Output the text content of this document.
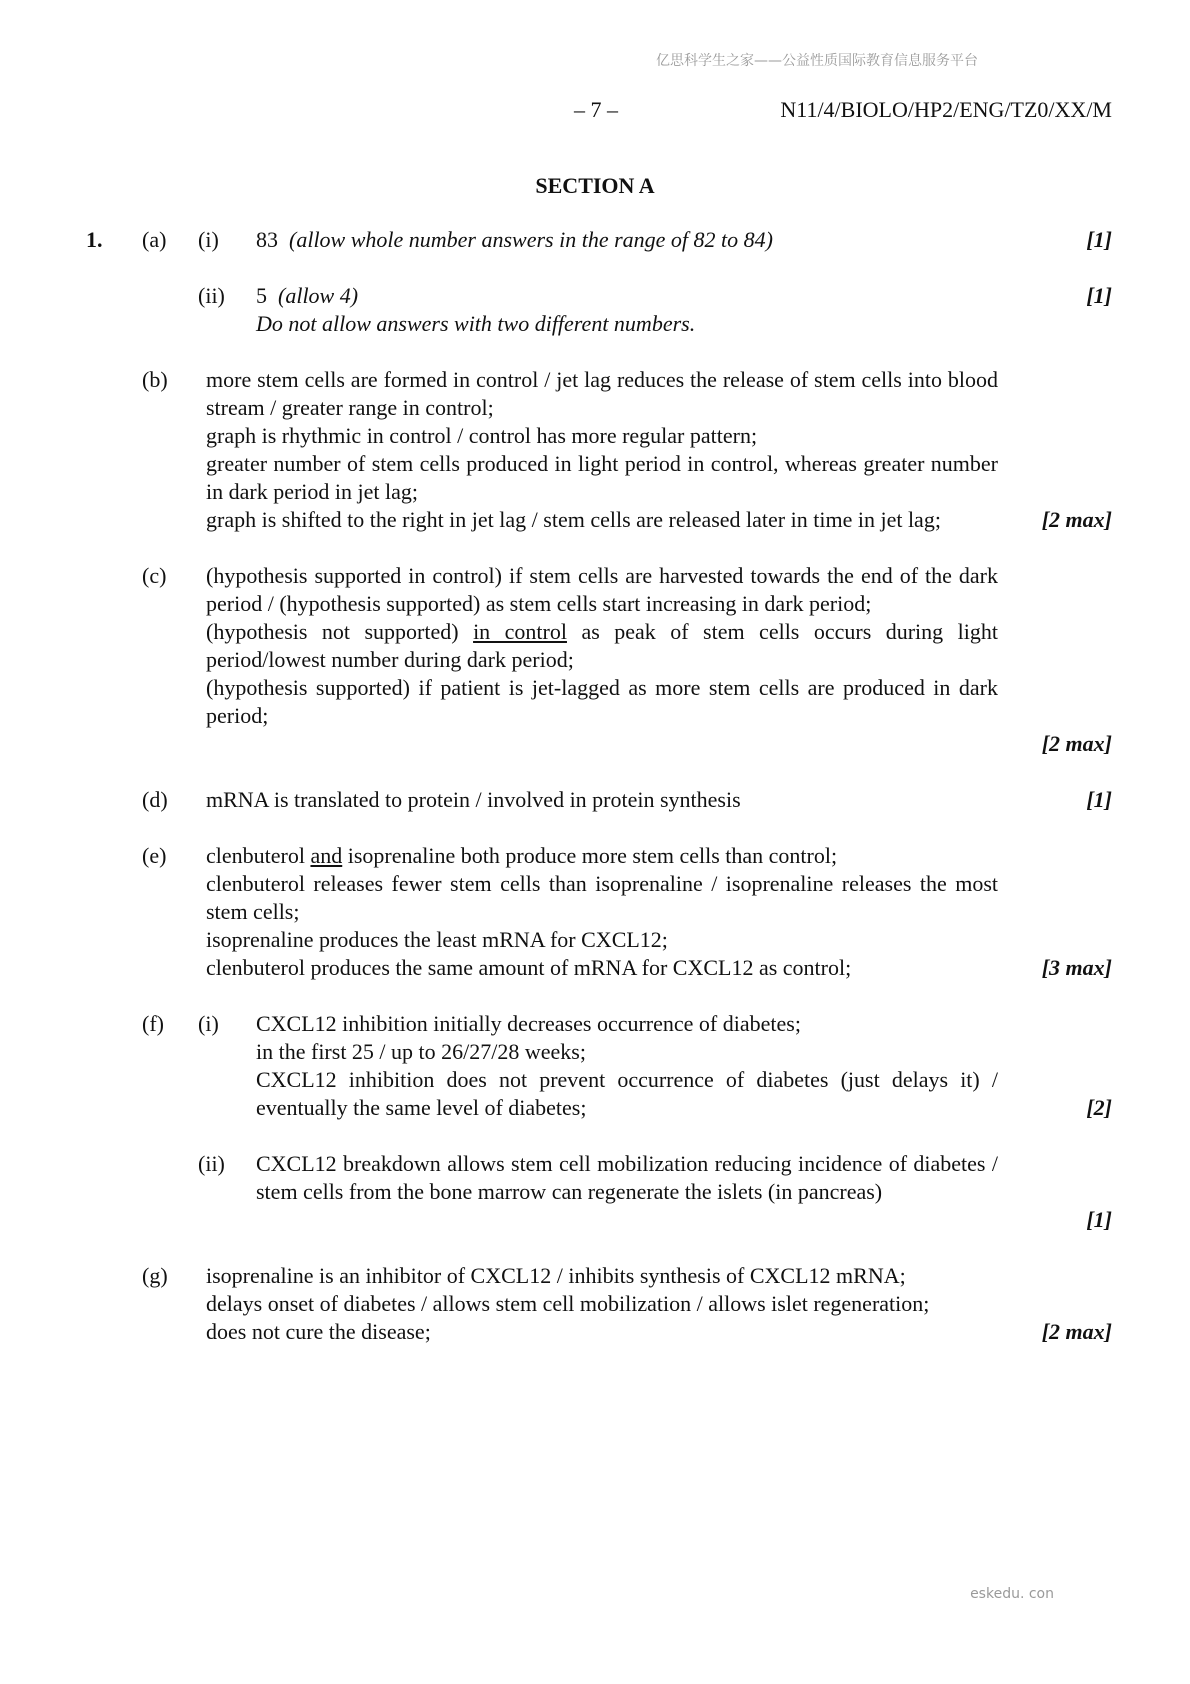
亿思科学生之家——公益性质国际教育信息服务平台
– 7 –	N11/4/BIOLO/HP2/ENG/TZ0/XX/M
SECTION A
1. (a) (i) 83 (allow whole number answers in the range of 82 to 84)	[1]
(ii) 5 (allow 4)
Do not allow answers with two different numbers.
[1]
(b) more stem cells are formed in control / jet lag reduces the release of stem cells into blood stream / greater range in control;
graph is rhythmic in control / control has more regular pattern;
greater number of stem cells produced in light period in control, whereas greater number in dark period in jet lag;
graph is shifted to the right in jet lag / stem cells are released later in time in jet lag;	[2 max]
(c) (hypothesis supported in control) if stem cells are harvested towards the end of the dark period / (hypothesis supported) as stem cells start increasing in dark period;
(hypothesis not supported) in control as peak of stem cells occurs during light period/lowest number during dark period;
(hypothesis supported) if patient is jet-lagged as more stem cells are produced in dark period;
[2 max]
(d) mRNA is translated to protein / involved in protein synthesis	[1]
(e) clenbuterol and isoprenaline both produce more stem cells than control;
clenbuterol releases fewer stem cells than isoprenaline / isoprenaline releases the most stem cells;
isoprenaline produces the least mRNA for CXCL12;
clenbuterol produces the same amount of mRNA for CXCL12 as control;	[3 max]
(f) (i) CXCL12 inhibition initially decreases occurrence of diabetes;
in the first 25 / up to 26/27/28 weeks;
CXCL12 inhibition does not prevent occurrence of diabetes (just delays it) / eventually the same level of diabetes;	[2]
(ii) CXCL12 breakdown allows stem cell mobilization reducing incidence of diabetes / stem cells from the bone marrow can regenerate the islets (in pancreas)
[1]
(g) isoprenaline is an inhibitor of CXCL12 / inhibits synthesis of CXCL12 mRNA;
delays onset of diabetes / allows stem cell mobilization / allows islet regeneration;
does not cure the disease;	[2 max]
eskedu. con
